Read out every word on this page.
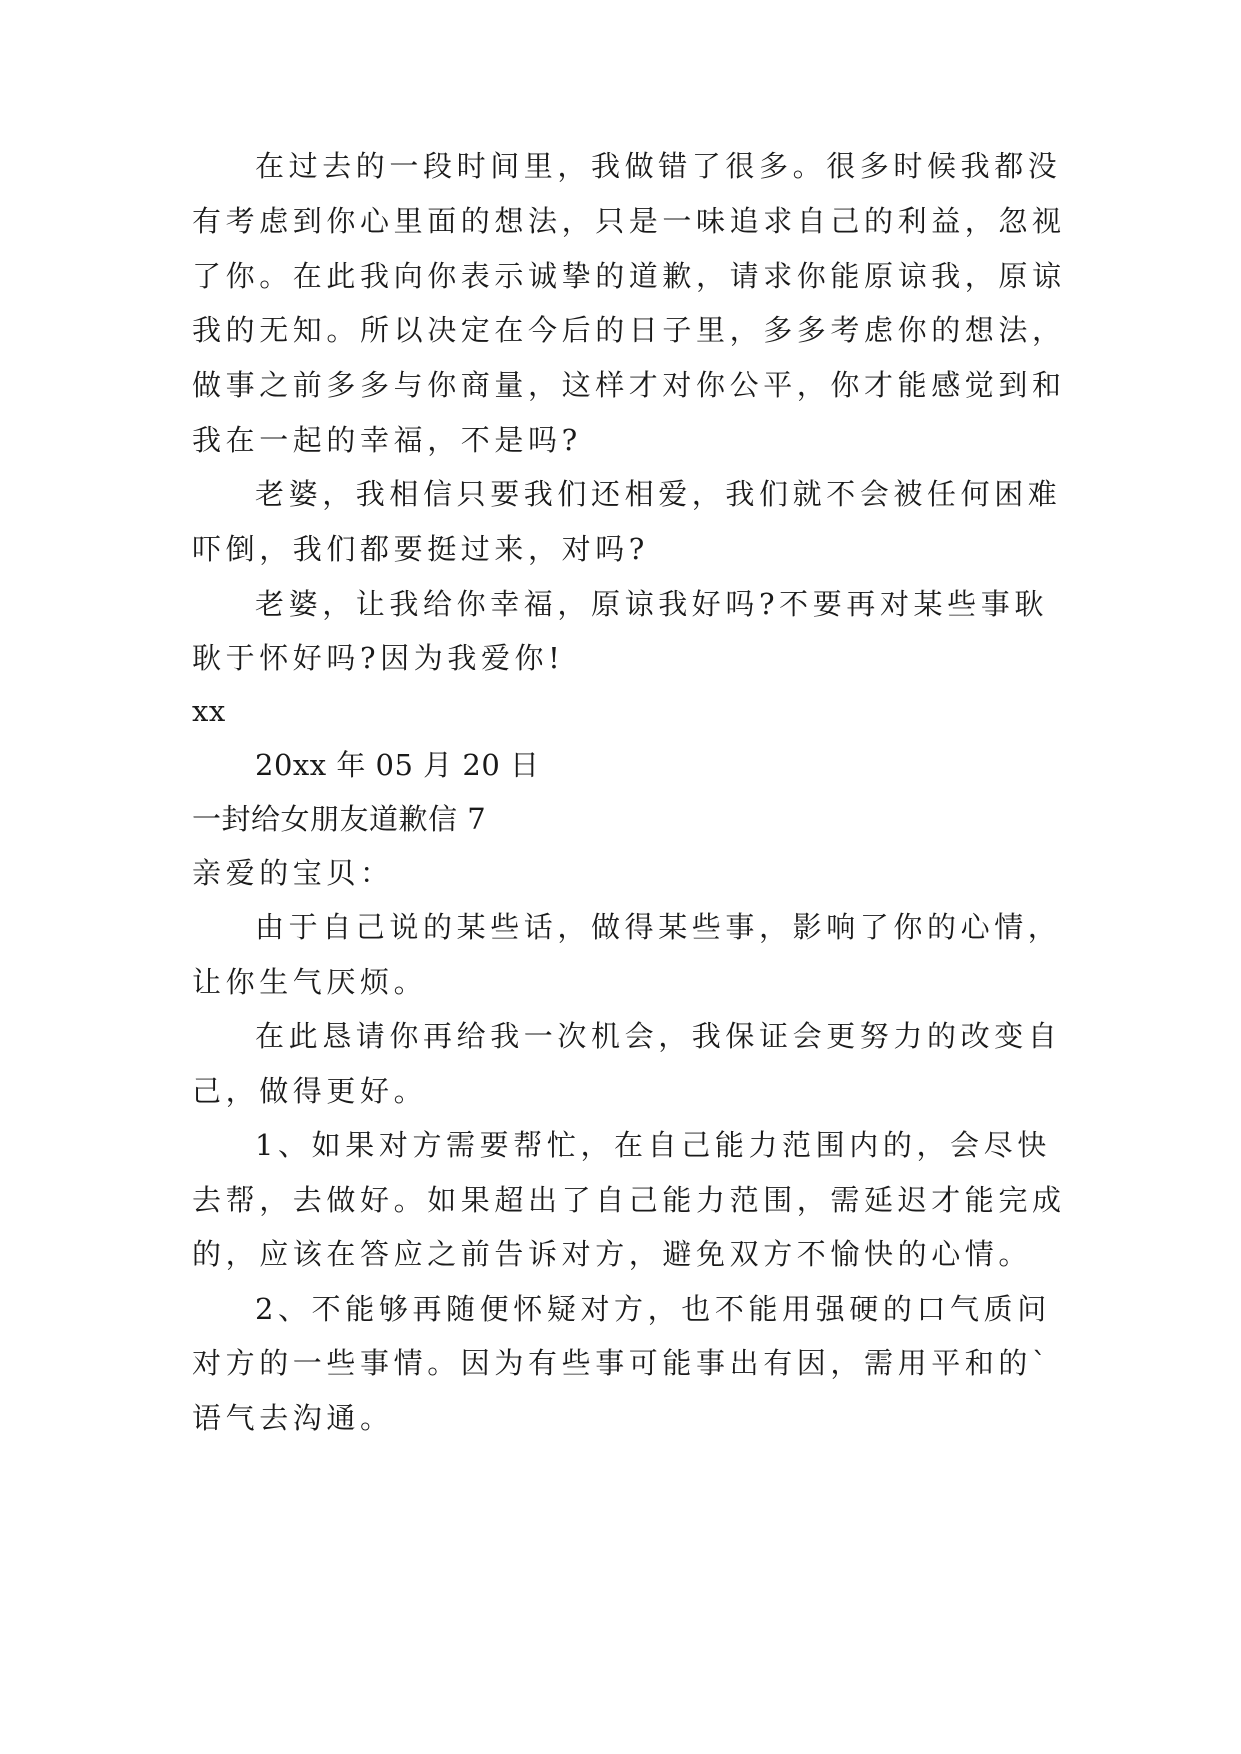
在过去的一段时间里，我做错了很多。很多时候我都没
有考虑到你心里面的想法，只是一味追求自己的利益，忽视
了你。在此我向你表示诚挚的道歉，请求你能原谅我，原谅
我的无知。所以决定在今后的日子里，多多考虑你的想法，
做事之前多多与你商量，这样才对你公平，你才能感觉到和
我在一起的幸福，不是吗?
老婆，我相信只要我们还相爱，我们就不会被任何困难
吓倒，我们都要挺过来，对吗?
老婆，让我给你幸福，原谅我好吗?不要再对某些事耿
耿于怀好吗?因为我爱你!
xx
20xx 年 05 月 20 日
一封给女朋友道歉信 7
亲爱的宝贝：
由于自己说的某些话，做得某些事，影响了你的心情，
让你生气厌烦。
在此恳请你再给我一次机会，我保证会更努力的改变自
己，做得更好。
1、如果对方需要帮忙，在自己能力范围内的，会尽快
去帮，去做好。如果超出了自己能力范围，需延迟才能完成
的，应该在答应之前告诉对方，避免双方不愉快的心情。
2、不能够再随便怀疑对方，也不能用强硬的口气质问
对方的一些事情。因为有些事可能事出有因，需用平和的`
语气去沟通。
